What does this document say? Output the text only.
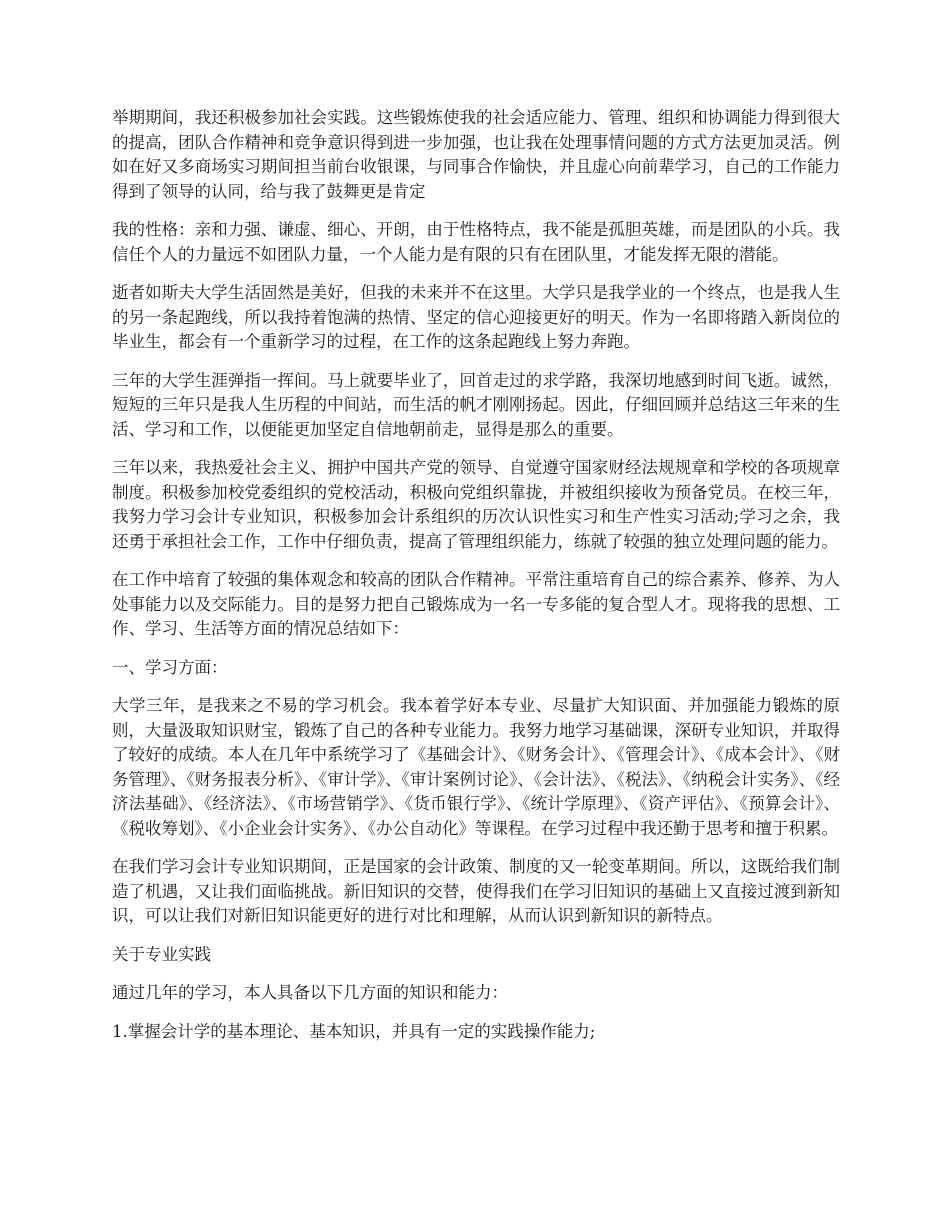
举期期间，我还积极参加社会实践。这些锻炼使我的社会适应能力、管理、组织和协调能力得到很大的提高，团队合作精神和竞争意识得到进一步加强，也让我在处理事情问题的方式方法更加灵活。例如在好又多商场实习期间担当前台收银课，与同事合作愉快，并且虚心向前辈学习，自己的工作能力得到了领导的认同，给与我了鼓舞更是肯定

我的性格：亲和力强、谦虚、细心、开朗，由于性格特点，我不能是孤胆英雄，而是团队的小兵。我信任个人的力量远不如团队力量，一个人能力是有限的只有在团队里，才能发挥无限的潜能。

逝者如斯夫大学生活固然是美好，但我的未来并不在这里。大学只是我学业的一个终点，也是我人生的另一条起跑线，所以我持着饱满的热情、坚定的信心迎接更好的明天。作为一名即将踏入新岗位的毕业生，都会有一个重新学习的过程，在工作的这条起跑线上努力奔跑。

三年的大学生涯弹指一挥间。马上就要毕业了，回首走过的求学路，我深切地感到时间飞逝。诚然，短短的三年只是我人生历程的中间站，而生活的帆才刚刚扬起。因此，仔细回顾并总结这三年来的生活、学习和工作，以便能更加坚定自信地朝前走，显得是那么的重要。

三年以来，我热爱社会主义、拥护中国共产党的领导、自觉遵守国家财经法规规章和学校的各项规章制度。积极参加校党委组织的党校活动，积极向党组织靠拢，并被组织接收为预备党员。在校三年，我努力学习会计专业知识，积极参加会计系组织的历次认识性实习和生产性实习活动;学习之余，我还勇于承担社会工作，工作中仔细负责，提高了管理组织能力，练就了较强的独立处理问题的能力。

在工作中培育了较强的集体观念和较高的团队合作精神。平常注重培育自己的综合素养、修养、为人处事能力以及交际能力。目的是努力把自己锻炼成为一名一专多能的复合型人才。现将我的思想、工作、学习、生活等方面的情况总结如下：

一、学习方面：

大学三年，是我来之不易的学习机会。我本着学好本专业、尽量扩大知识面、并加强能力锻炼的原则，大量汲取知识财宝，锻炼了自己的各种专业能力。我努力地学习基础课，深研专业知识，并取得了较好的成绩。本人在几年中系统学习了《基础会计》、《财务会计》、《管理会计》、《成本会计》、《财务管理》、《财务报表分析》、《审计学》、《审计案例讨论》、《会计法》、《税法》、《纳税会计实务》、《经济法基础》、《经济法》、《市场营销学》、《货币银行学》、《统计学原理》、《资产评估》、《预算会计》、《税收筹划》、《小企业会计实务》、《办公自动化》等课程。在学习过程中我还勤于思考和擅于积累。

在我们学习会计专业知识期间，正是国家的会计政策、制度的又一轮变革期间。所以，这既给我们制造了机遇，又让我们面临挑战。新旧知识的交替，使得我们在学习旧知识的基础上又直接过渡到新知识，可以让我们对新旧知识能更好的进行对比和理解，从而认识到新知识的新特点。

关于专业实践

通过几年的学习，本人具备以下几方面的知识和能力：

1.掌握会计学的基本理论、基本知识，并具有一定的实践操作能力;
